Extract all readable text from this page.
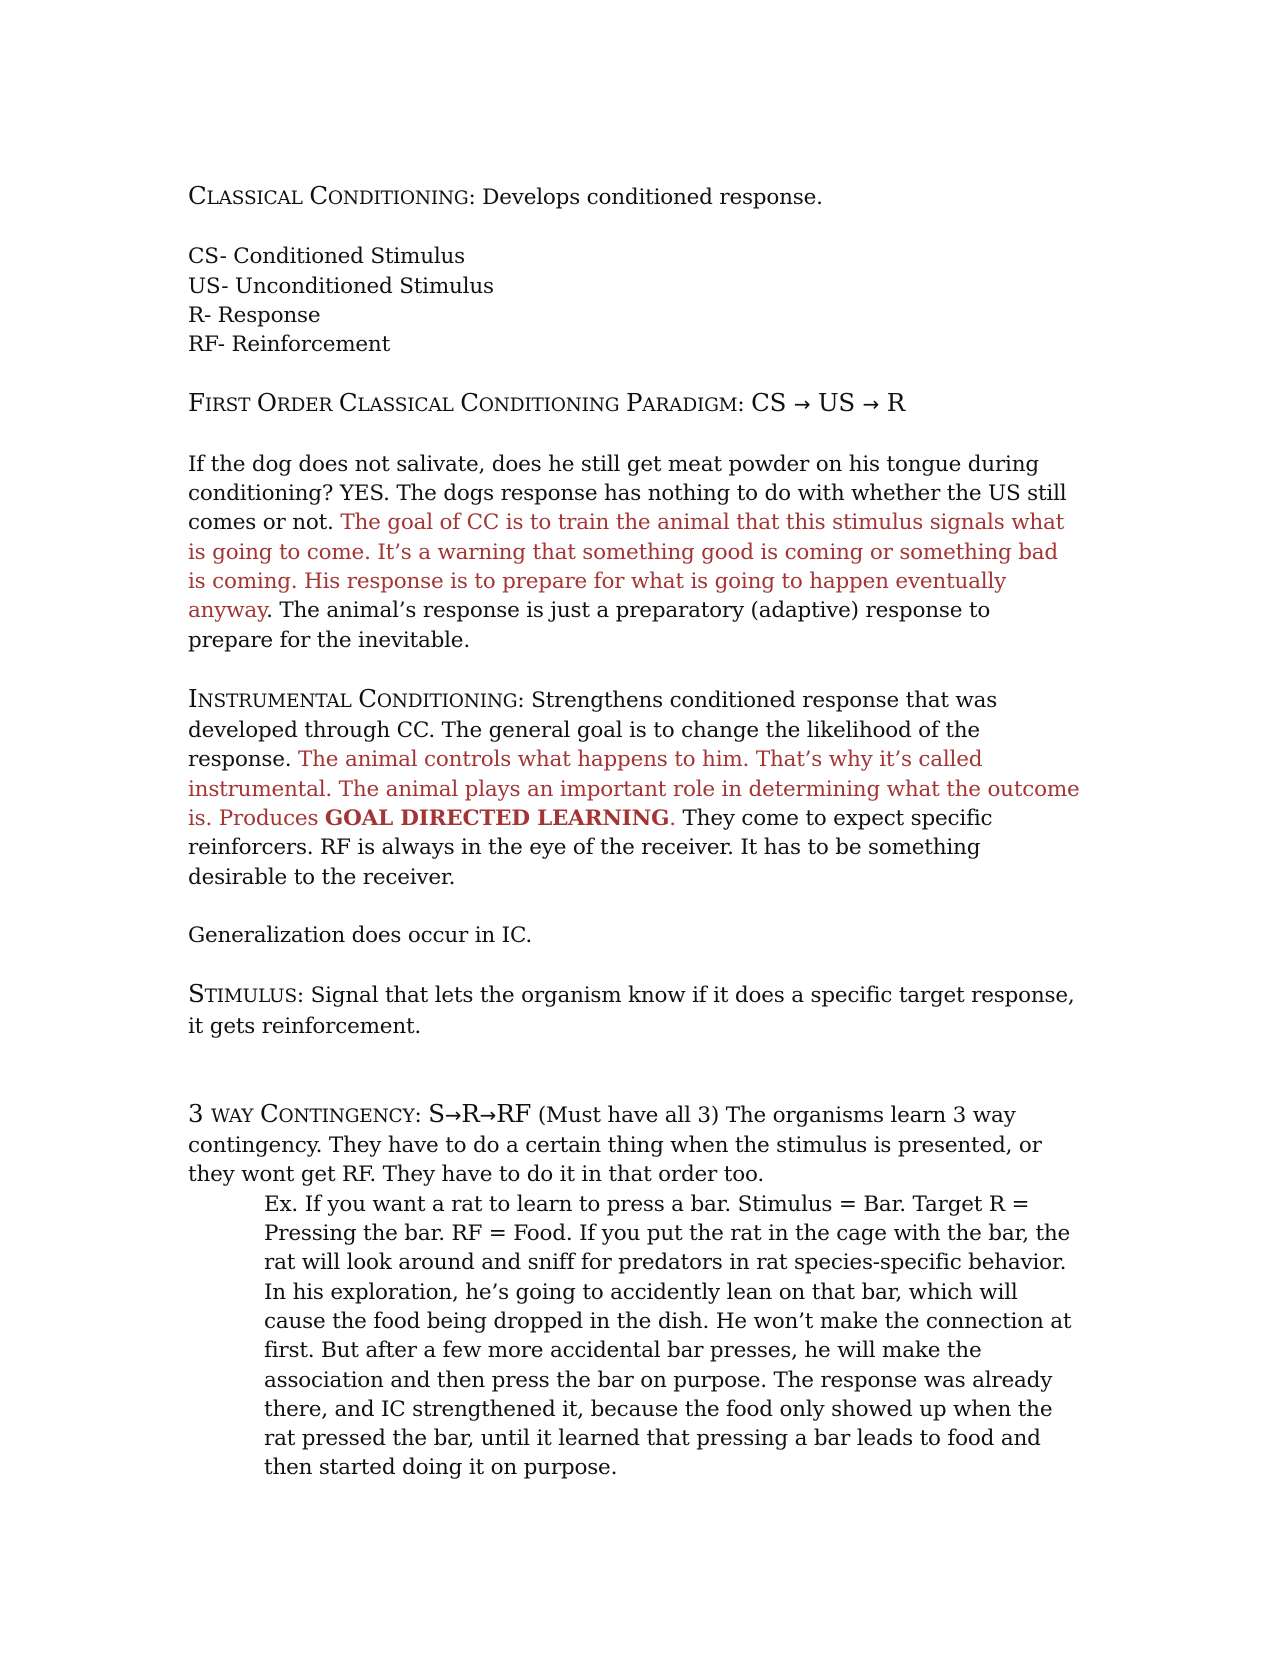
CLASSICAL CONDITIONING: Develops conditioned response.

CS- Conditioned Stimulus

US- Unconditioned Stimulus

R- Response

RF- Reinforcement

FIRST ORDER CLASSICAL CONDITIONING PARADIGM: CS → US → R

If the dog does not salivate, does he still get meat powder on his tongue during conditioning? YES. The dogs response has nothing to do with whether the US still comes or not. The goal of CC is to train the animal that this stimulus signals what is going to come. It’s a warning that something good is coming or something bad is coming. His response is to prepare for what is going to happen eventually anyway. The animal’s response is just a preparatory (adaptive) response to prepare for the inevitable.

INSTRUMENTAL CONDITIONING: Strengthens conditioned response that was developed through CC. The general goal is to change the likelihood of the response. The animal controls what happens to him. That’s why it’s called instrumental. The animal plays an important role in determining what the outcome is. Produces GOAL DIRECTED LEARNING. They come to expect specific reinforcers. RF is always in the eye of the receiver. It has to be something desirable to the receiver.

Generalization does occur in IC.

STIMULUS: Signal that lets the organism know if it does a specific target response, it gets reinforcement.

3 WAY CONTINGENCY: S→R→RF (Must have all 3) The organisms learn 3 way contingency. They have to do a certain thing when the stimulus is presented, or they wont get RF. They have to do it in that order too.

Ex. If you want a rat to learn to press a bar. Stimulus = Bar. Target R = Pressing the bar. RF = Food. If you put the rat in the cage with the bar, the rat will look around and sniff for predators in rat species-specific behavior. In his exploration, he’s going to accidently lean on that bar, which will cause the food being dropped in the dish. He won’t make the connection at first. But after a few more accidental bar presses, he will make the association and then press the bar on purpose. The response was already there, and IC strengthened it, because the food only showed up when the rat pressed the bar, until it learned that pressing a bar leads to food and then started doing it on purpose.
